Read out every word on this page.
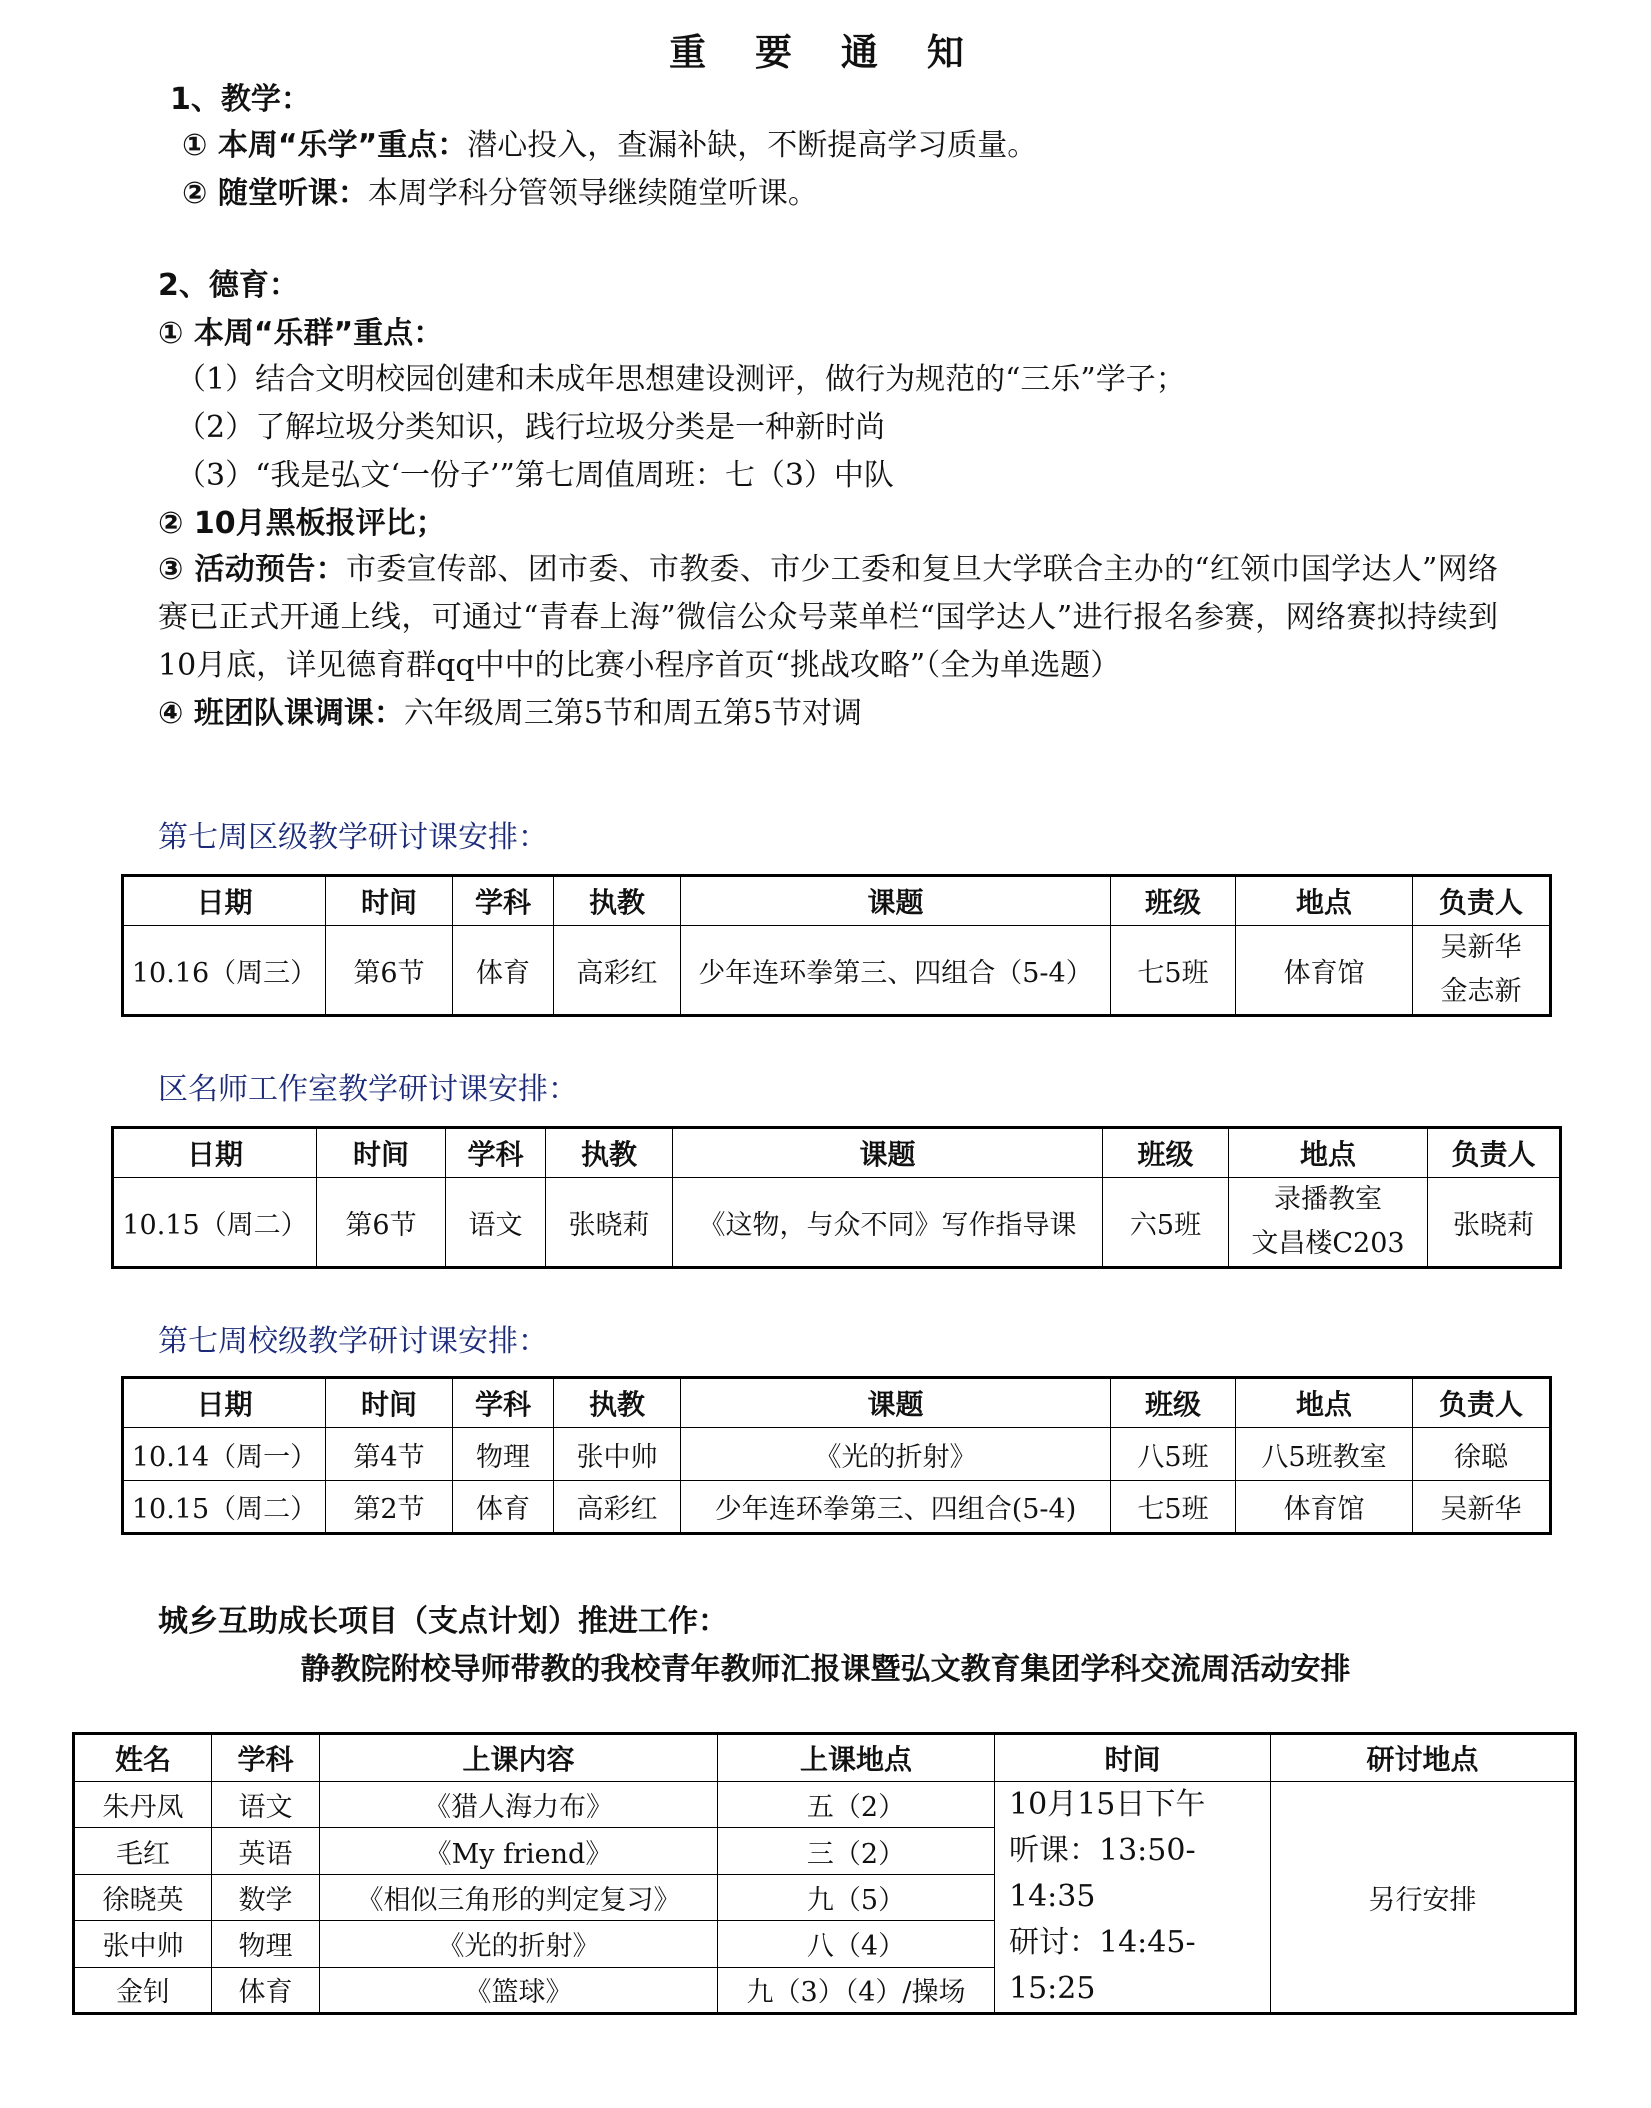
重 要 通 知
1、教学：
① 本周“乐学”重点：潜心投入，查漏补缺，不断提高学习质量。
② 随堂听课：本周学科分管领导继续随堂听课。
2、德育：
① 本周“乐群”重点：
（1）结合文明校园创建和未成年思想建设测评，做行为规范的“三乐”学子；
（2）了解垃圾分类知识，践行垃圾分类是一种新时尚
（3）“我是弘文‘一份子’”第七周值周班：七（3）中队
② 10月黑板报评比；
③ 活动预告：市委宣传部、团市委、市教委、市少工委和复旦大学联合主办的“红领巾国学达人”网络赛已正式开通上线，可通过“青春上海”微信公众号菜单栏“国学达人”进行报名参赛，网络赛拟持续到10月底，详见德育群qq中中的比赛小程序首页“挑战攻略”（全为单选题）
④ 班团队课调课：六年级周三第5节和周五第5节对调
第七周区级教学研讨课安排：
日期	时间	学科	执教	课题	班级	地点	负责人
10.16（周三）	第6节	体育	高彩红	少年连环拳第三、四组合（5-4）	七5班	体育馆	吴新华
金志新
区名师工作室教学研讨课安排：
日期	时间	学科	执教	课题	班级	地点	负责人
10.15（周二）	第6节	语文	张晓莉	《这物，与众不同》写作指导课	六5班	录播教室
文昌楼C203	张晓莉
第七周校级教学研讨课安排：
日期	时间	学科	执教	课题	班级	地点	负责人
10.14（周一）	第4节	物理	张中帅	《光的折射》	八5班	八5班教室	徐聪
10.15（周二）	第2节	体育	高彩红	少年连环拳第三、四组合(5-4)	七5班	体育馆	吴新华
城乡互助成长项目（支点计划）推进工作：
静教院附校导师带教的我校青年教师汇报课暨弘文教育集团学科交流周活动安排
姓名	学科	上课内容	上课地点	时间	研讨地点
朱丹凤	语文	《猎人海力布》	五（2）	10月15日下午
听课：13:50-14:35
研讨：14:45-15:25	另行安排
毛红	英语	《My friend》	三（2）		
徐晓英	数学	《相似三角形的判定复习》	九（5）		
张中帅	物理	《光的折射》	八（4）		
金钊	体育	《篮球》	九（3）（4）/操场		
